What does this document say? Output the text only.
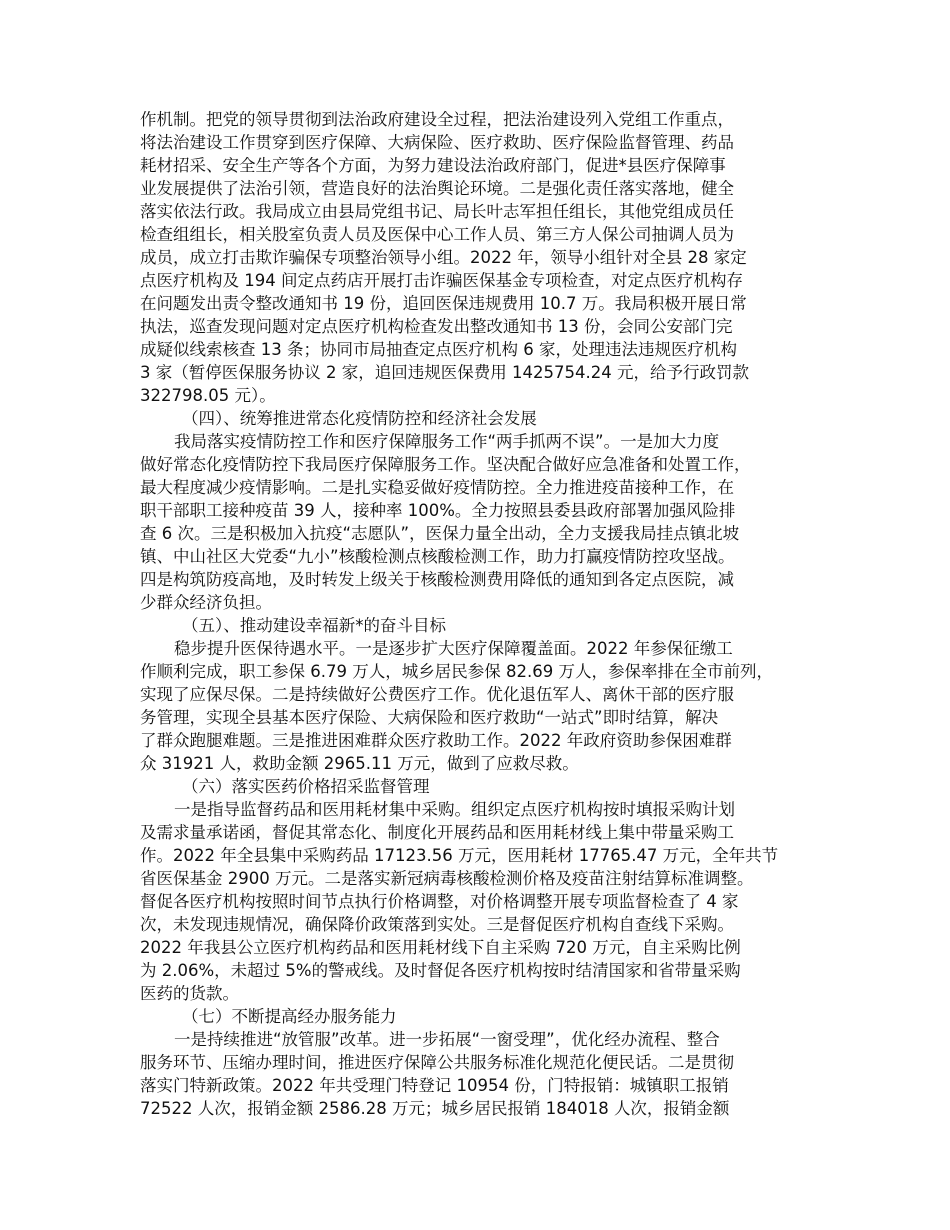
作机制。把党的领导贯彻到法治政府建设全过程，把法治建设列入党组工作重点，
将法治建设工作贯穿到医疗保障、大病保险、医疗救助、医疗保险监督管理、药品
耗材招采、安全生产等各个方面，为努力建设法治政府部门，促进*县医疗保障事
业发展提供了法治引领，营造良好的法治舆论环境。二是强化责任落实落地，健全
落实依法行政。我局成立由县局党组书记、局长叶志军担任组长，其他党组成员任
检查组组长，相关股室负责人员及医保中心工作人员、第三方人保公司抽调人员为
成员，成立打击欺诈骗保专项整治领导小组。2022 年，领导小组针对全县 28 家定
点医疗机构及 194 间定点药店开展打击诈骗医保基金专项检查，对定点医疗机构存
在问题发出责令整改通知书 19 份，追回医保违规费用 10.7 万。我局积极开展日常
执法，巡查发现问题对定点医疗机构检查发出整改通知书 13 份，会同公安部门完
成疑似线索核查 13 条；协同市局抽查定点医疗机构 6 家，处理违法违规医疗机构
3 家（暂停医保服务协议 2 家，追回违规医保费用 1425754.24 元，给予行政罚款
322798.05 元）。
（四）、统筹推进常态化疫情防控和经济社会发展
我局落实疫情防控工作和医疗保障服务工作“两手抓两不误”。一是加大力度
做好常态化疫情防控下我局医疗保障服务工作。坚决配合做好应急准备和处置工作，
最大程度减少疫情影响。二是扎实稳妥做好疫情防控。全力推进疫苗接种工作，在
职干部职工接种疫苗 39 人，接种率 100%。全力按照县委县政府部署加强风险排
查 6 次。三是积极加入抗疫“志愿队”，医保力量全出动，全力支援我局挂点镇北坡
镇、中山社区大党委“九小”核酸检测点核酸检测工作，助力打赢疫情防控攻坚战。
四是构筑防疫高地，及时转发上级关于核酸检测费用降低的通知到各定点医院，减
少群众经济负担。
（五）、推动建设幸福新*的奋斗目标
稳步提升医保待遇水平。一是逐步扩大医疗保障覆盖面。2022 年参保征缴工
作顺利完成，职工参保 6.79 万人，城乡居民参保 82.69 万人，参保率排在全市前列，
实现了应保尽保。二是持续做好公费医疗工作。优化退伍军人、离休干部的医疗服
务管理，实现全县基本医疗保险、大病保险和医疗救助“一站式”即时结算，解决
了群众跑腿难题。三是推进困难群众医疗救助工作。2022 年政府资助参保困难群
众 31921 人，救助金额 2965.11 万元，做到了应救尽救。
（六）落实医药价格招采监督管理
一是指导监督药品和医用耗材集中采购。组织定点医疗机构按时填报采购计划
及需求量承诺函，督促其常态化、制度化开展药品和医用耗材线上集中带量采购工
作。2022 年全县集中采购药品 17123.56 万元，医用耗材 17765.47 万元，全年共节
省医保基金 2900 万元。二是落实新冠病毒核酸检测价格及疫苗注射结算标准调整。
督促各医疗机构按照时间节点执行价格调整，对价格调整开展专项监督检查了 4 家
次，未发现违规情况，确保降价政策落到实处。三是督促医疗机构自查线下采购。
2022 年我县公立医疗机构药品和医用耗材线下自主采购 720 万元，自主采购比例
为 2.06%，未超过 5%的警戒线。及时督促各医疗机构按时结清国家和省带量采购
医药的货款。
（七）不断提高经办服务能力
一是持续推进“放管服”改革。进一步拓展“一窗受理”，优化经办流程、整合
服务环节、压缩办理时间，推进医疗保障公共服务标准化规范化便民话。二是贯彻
落实门特新政策。2022 年共受理门特登记 10954 份，门特报销：城镇职工报销
72522 人次，报销金额 2586.28 万元；城乡居民报销 184018 人次，报销金额
